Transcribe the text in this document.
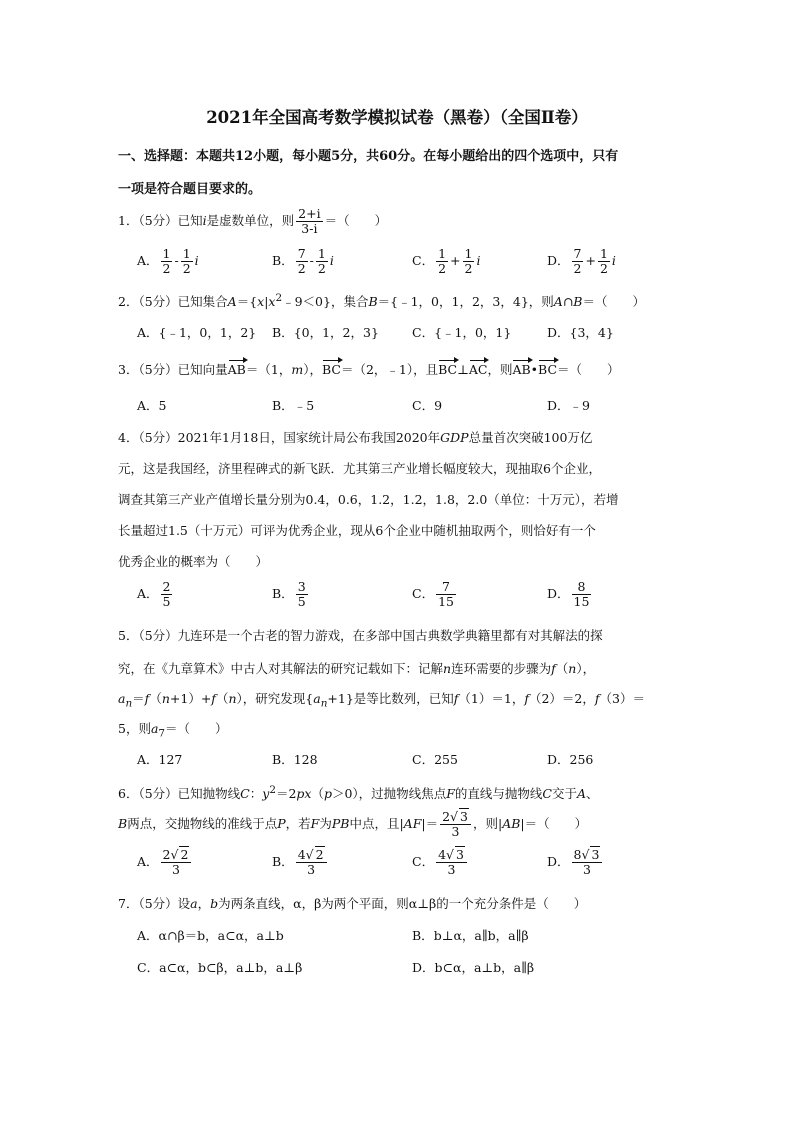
2021年全国高考数学模拟试卷（黑卷）（全国Ⅱ卷）
一、选择题：本题共12小题，每小题5分，共60分。在每小题给出的四个选项中，只有
一项是符合题目要求的。
1．（5分）已知i是虚数单位，则 $\frac{2+i}{3-i}$ ＝（　　）
A． $\frac{1}{2} - \frac{1}{2}$ i	B． $\frac{7}{2} - \frac{1}{2}$ i	C． $\frac{1}{2} + \frac{1}{2}$ i	D． $\frac{7}{2} + \frac{1}{2}$ i
2．（5分）已知集合$A=\{x|x^2﹣9<0\}$，集合B＝{﹣1，0，1，2，3，4}，则A∩B＝（　　）
A．{﹣1，0，1，2} B．{0，1，2，3}	C．{﹣1，0，1}	D．{3，4}
3．（5分）已知向量AB＝（1，m），BC＝（2，﹣1），且BC⊥AC，则AB•BC＝（　　）
A．5	B．﹣5	C．9	D．﹣9
4．（5分）2021年1月18日，国家统计局公布我国2020年GDP总量首次突破100万亿
元，这是我国经，济里程碑式的新飞跃．尤其第三产业增长幅度较大，现抽取6个企业，
调查其第三产业产值增长量分别为0.4，0.6，1.2，1.2，1.8，2.0（单位：十万元），若增
长量超过1.5（十万元）可评为优秀企业，现从6个企业中随机抽取两个，则恰好有一个
优秀企业的概率为（　　）
A． $\frac{2}{5}$	B． $\frac{3}{5}$	C． $\frac{7}{15}$	D． $\frac{8}{15}$
5．（5分）九连环是一个古老的智力游戏，在多部中国古典数学典籍里都有对其解法的探
究，在《九章算术》中古人对其解法的研究记载如下：记解n连环需要的步骤为f（n），
$a_n=f(n+1)+f(n)$，研究发现$\{a_n+1\}$是等比数列，已知f（1）＝1，f（2）＝2，f（3）＝
5，则$a_7=$（　　）
A．127	B．128	C．255	D．256
6．（5分）已知抛物线C：$y^2=2px(p>0)$，过抛物线焦点F的直线与抛物线C交于A、
B两点，交抛物线的准线于点P，若F为PB中点，且$|AF|= \frac{2√ 3}{3}$ ，则|AB|＝（　　）
A． $\frac{2√ 2}{3}$	B． $\frac{4√ 2}{3}$	C． $\frac{4√ 3}{3}$	D． $\frac{8√ 3}{3}$
7．（5分）设a，b为两条直线，α，β为两个平面，则α⊥β的一个充分条件是（　　）
A．α∩β＝b，a⊂α，a⊥b	B．b⊥α，a∥b，a∥β
C．a⊂α，b⊂β，a⊥b，a⊥β	D．b⊂α，a⊥b，a∥β
